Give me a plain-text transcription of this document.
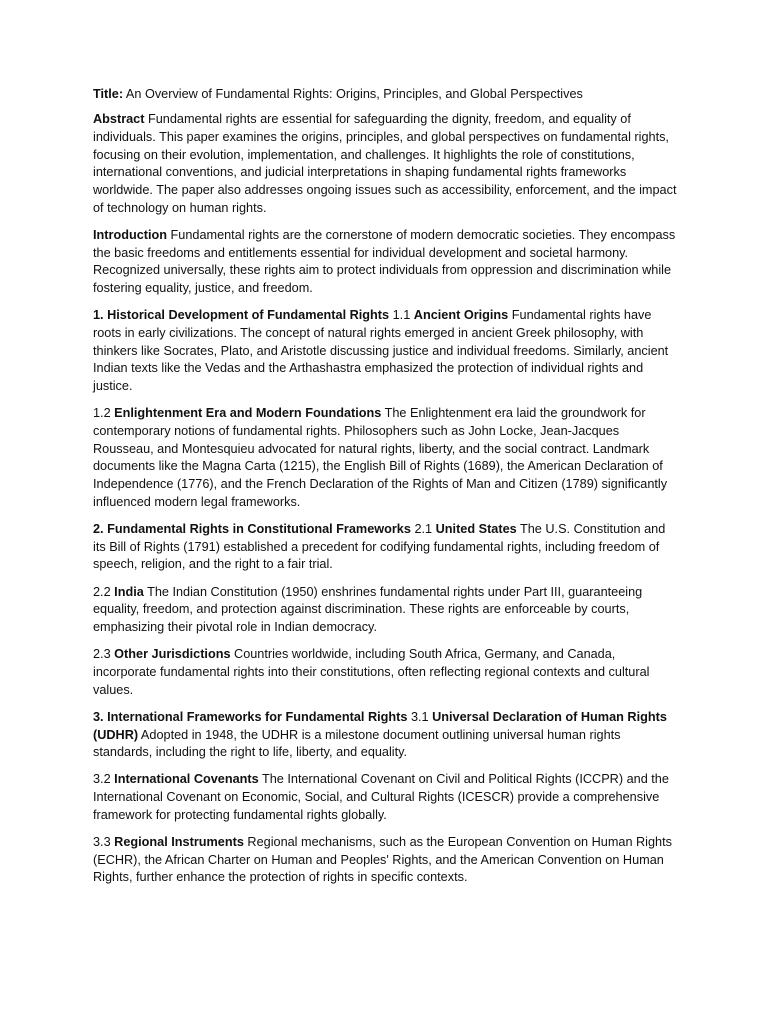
Title: An Overview of Fundamental Rights: Origins, Principles, and Global Perspectives

Abstract Fundamental rights are essential for safeguarding the dignity, freedom, and equality of individuals. This paper examines the origins, principles, and global perspectives on fundamental rights, focusing on their evolution, implementation, and challenges. It highlights the role of constitutions, international conventions, and judicial interpretations in shaping fundamental rights frameworks worldwide. The paper also addresses ongoing issues such as accessibility, enforcement, and the impact of technology on human rights.

Introduction Fundamental rights are the cornerstone of modern democratic societies. They encompass the basic freedoms and entitlements essential for individual development and societal harmony. Recognized universally, these rights aim to protect individuals from oppression and discrimination while fostering equality, justice, and freedom.

1. Historical Development of Fundamental Rights 1.1 Ancient Origins Fundamental rights have roots in early civilizations. The concept of natural rights emerged in ancient Greek philosophy, with thinkers like Socrates, Plato, and Aristotle discussing justice and individual freedoms. Similarly, ancient Indian texts like the Vedas and the Arthashastra emphasized the protection of individual rights and justice.

1.2 Enlightenment Era and Modern Foundations The Enlightenment era laid the groundwork for contemporary notions of fundamental rights. Philosophers such as John Locke, Jean-Jacques Rousseau, and Montesquieu advocated for natural rights, liberty, and the social contract. Landmark documents like the Magna Carta (1215), the English Bill of Rights (1689), the American Declaration of Independence (1776), and the French Declaration of the Rights of Man and Citizen (1789) significantly influenced modern legal frameworks.

2. Fundamental Rights in Constitutional Frameworks 2.1 United States The U.S. Constitution and its Bill of Rights (1791) established a precedent for codifying fundamental rights, including freedom of speech, religion, and the right to a fair trial.

2.2 India The Indian Constitution (1950) enshrines fundamental rights under Part III, guaranteeing equality, freedom, and protection against discrimination. These rights are enforceable by courts, emphasizing their pivotal role in Indian democracy.

2.3 Other Jurisdictions Countries worldwide, including South Africa, Germany, and Canada, incorporate fundamental rights into their constitutions, often reflecting regional contexts and cultural values.

3. International Frameworks for Fundamental Rights 3.1 Universal Declaration of Human Rights (UDHR) Adopted in 1948, the UDHR is a milestone document outlining universal human rights standards, including the right to life, liberty, and equality.

3.2 International Covenants The International Covenant on Civil and Political Rights (ICCPR) and the International Covenant on Economic, Social, and Cultural Rights (ICESCR) provide a comprehensive framework for protecting fundamental rights globally.

3.3 Regional Instruments Regional mechanisms, such as the European Convention on Human Rights (ECHR), the African Charter on Human and Peoples' Rights, and the American Convention on Human Rights, further enhance the protection of rights in specific contexts.
